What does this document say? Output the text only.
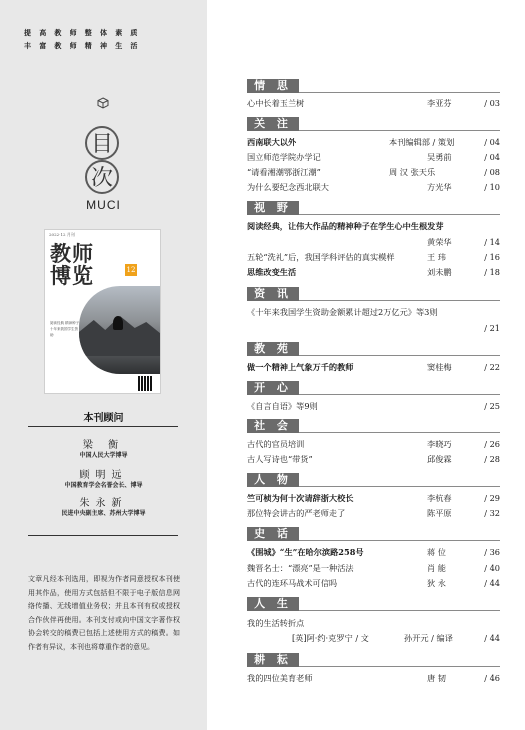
提高教师整体素质
丰富教师精神生活
目
次
MUCI
2022·12 月刊
教师
博览	12
阅读经典 精神种子 十年来我国学生资助
本刊顾问
梁 衡
中国人民大学博导
顾明远
中国教育学会名誉会长、博导
朱永新
民进中央副主席、苏州大学博导
文章凡经本刊选用，即视为作者同意授权本刊使用其作品，使用方式包括但不限于电子版信息网络传播、无线增值业务权；并且本刊有权或授权合作伙伴再使用。本刊支付或向中国文字著作权协会转交的稿费已包括上述使用方式的稿费。如作者有异议，本刊也将尊重作者的意见。
情 思
心中长着玉兰树	李亚芬	/ 03
关 注
西南联大以外	本刊编辑部 / 策划	/ 04
国立师范学院办学记	吴勇前	/ 04
“请看湘潮鄂浙江潮”	周 汉 张天乐	/ 08
为什么要纪念西北联大	方光华	/ 10
视 野
阅读经典，让伟大作品的精神种子在学生心中生根发芽
黄荣华	/ 14
五轮“洗礼”后，我国学科评估的真实模样	王 玮	/ 16
思维改变生活	刘未鹏	/ 18
资 讯
《十年来我国学生资助金额累计超过2万亿元》等3则
/ 21
教 苑
做一个精神上气象万千的教师	窦桂梅	/ 22
开 心
《自言自语》等9则	/ 25
社 会
古代的官员培训	李晓巧	/ 26
古人写诗也“带货”	邱俊霖	/ 28
人 物
竺可桢为何十次请辞浙大校长	李杭春	/ 29
那位特会讲古的严老师走了	陈平原	/ 32
史 话
《围城》“生”在哈尔滨路258号	蒋 位	/ 36
魏晋名士：“漂亮”是一种活法	肖 能	/ 40
古代的连环马战术可信吗	狄 永	/ 44
人 生
我的生活转折点
[英]阿·约·克罗宁 / 文	孙开元 / 编译	/ 44
耕 耘
我的四位美育老师	唐 韧	/ 46
